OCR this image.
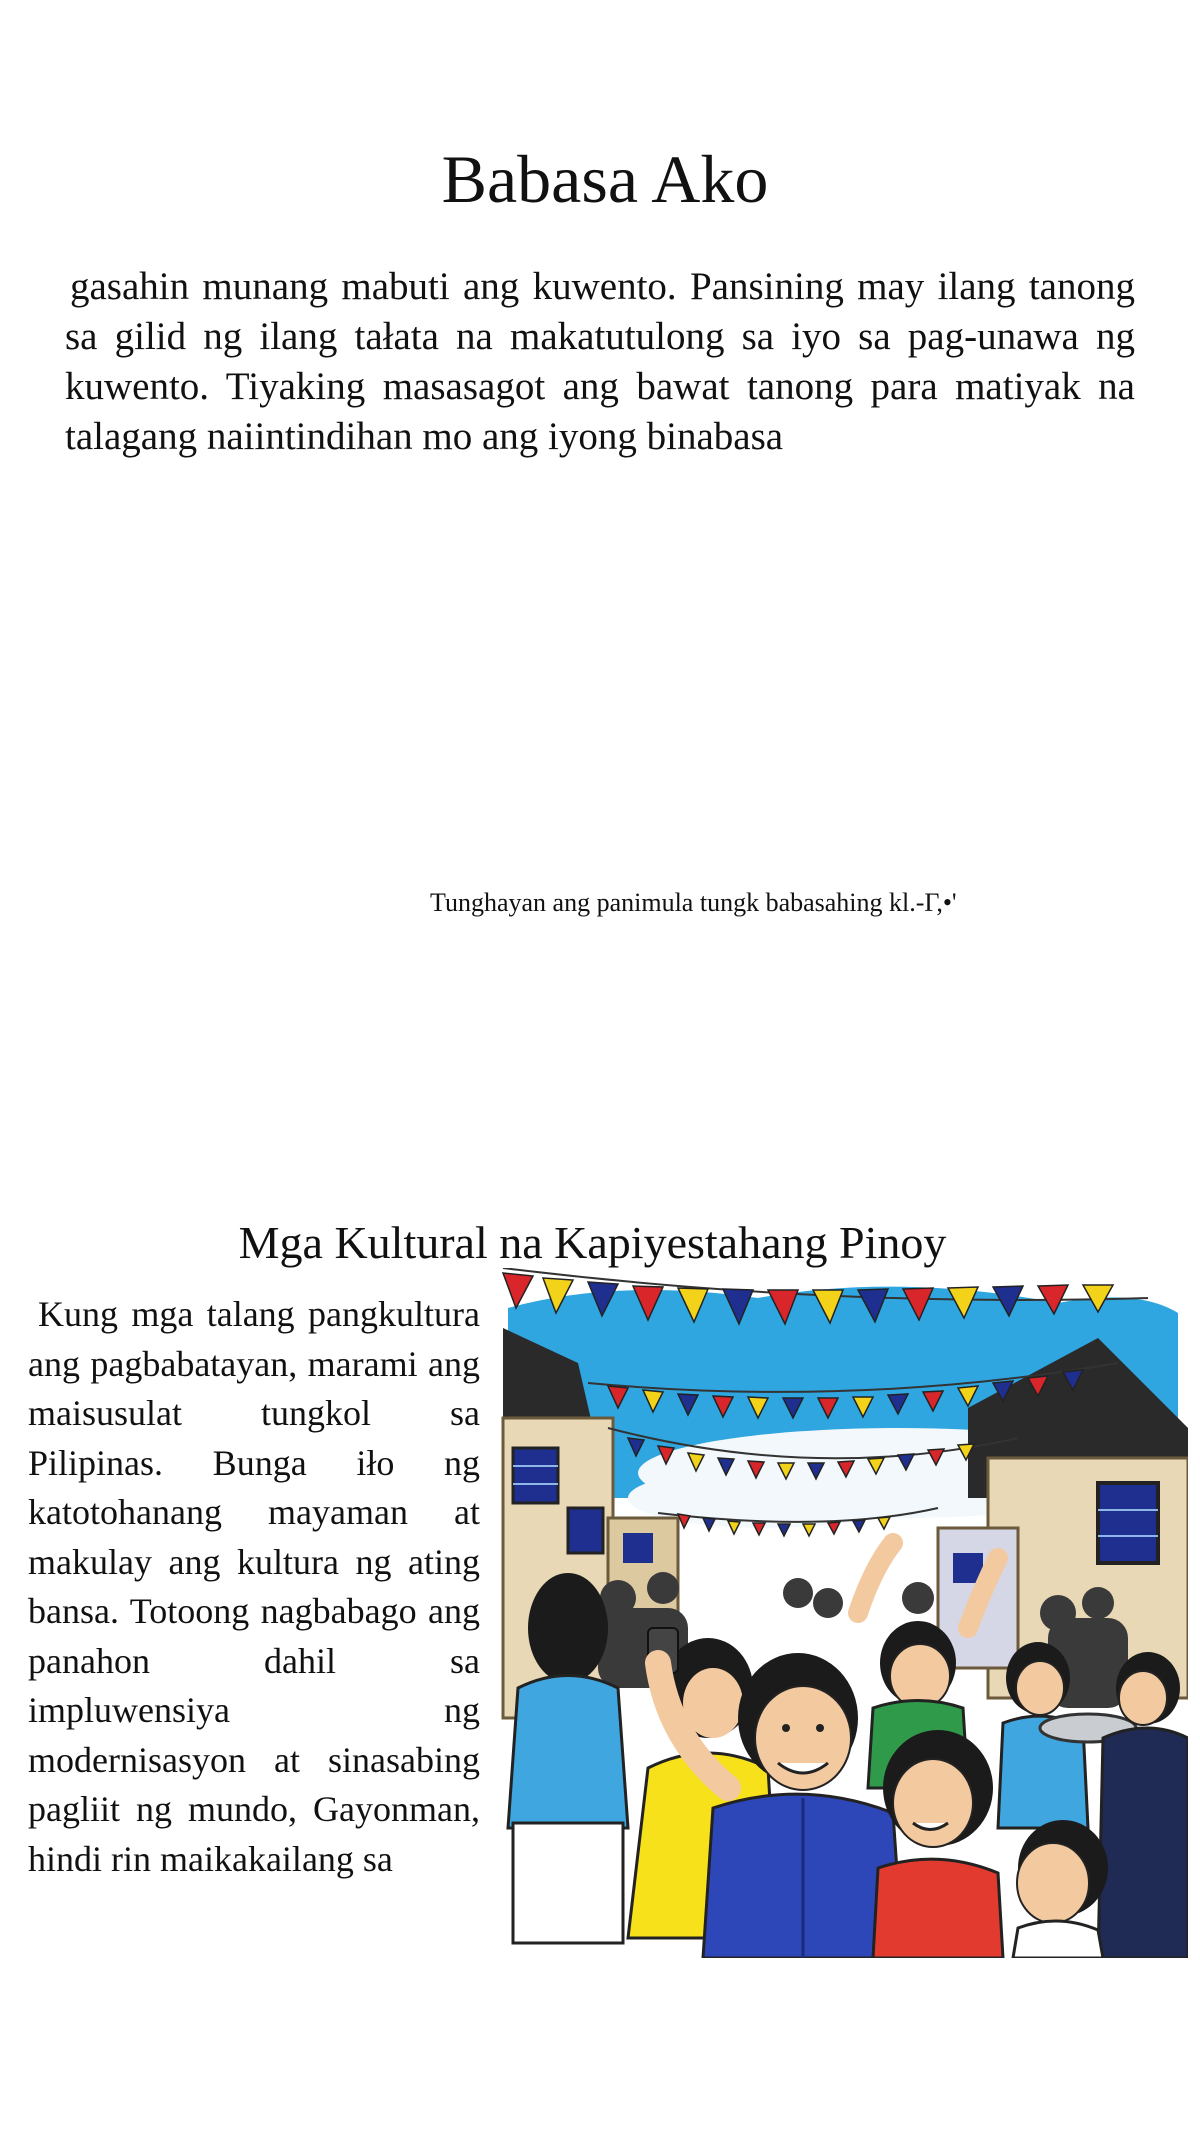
Babasa Ako

gasahin munang mabuti ang kuwento. Pansining may ilang tanong sa gilid ng ilang tałata na makatutulong sa iyo sa pag-unawa ng kuwento. Tiyaking masasagot ang bawat tanong para matiyak na talagang naiintindihan mo ang iyong binabasa

Tunghayan ang panimula tungk babasahing kl.-Γ,•'

Mga Kultural na Kapiyestahang Pinoy

Kung mga talang pangkultura ang pagbabatayan, marami ang maisusulat tungkol sa Pilipinas. Bunga iło ng katotohanang mayaman at makulay ang kultura ng ating bansa. Totoong nagbabago ang panahon dahil sa impluwensiya ng modernisasyon at sinasabing pagliit ng mundo, Gayonman, hindi rin maikakailang sa
